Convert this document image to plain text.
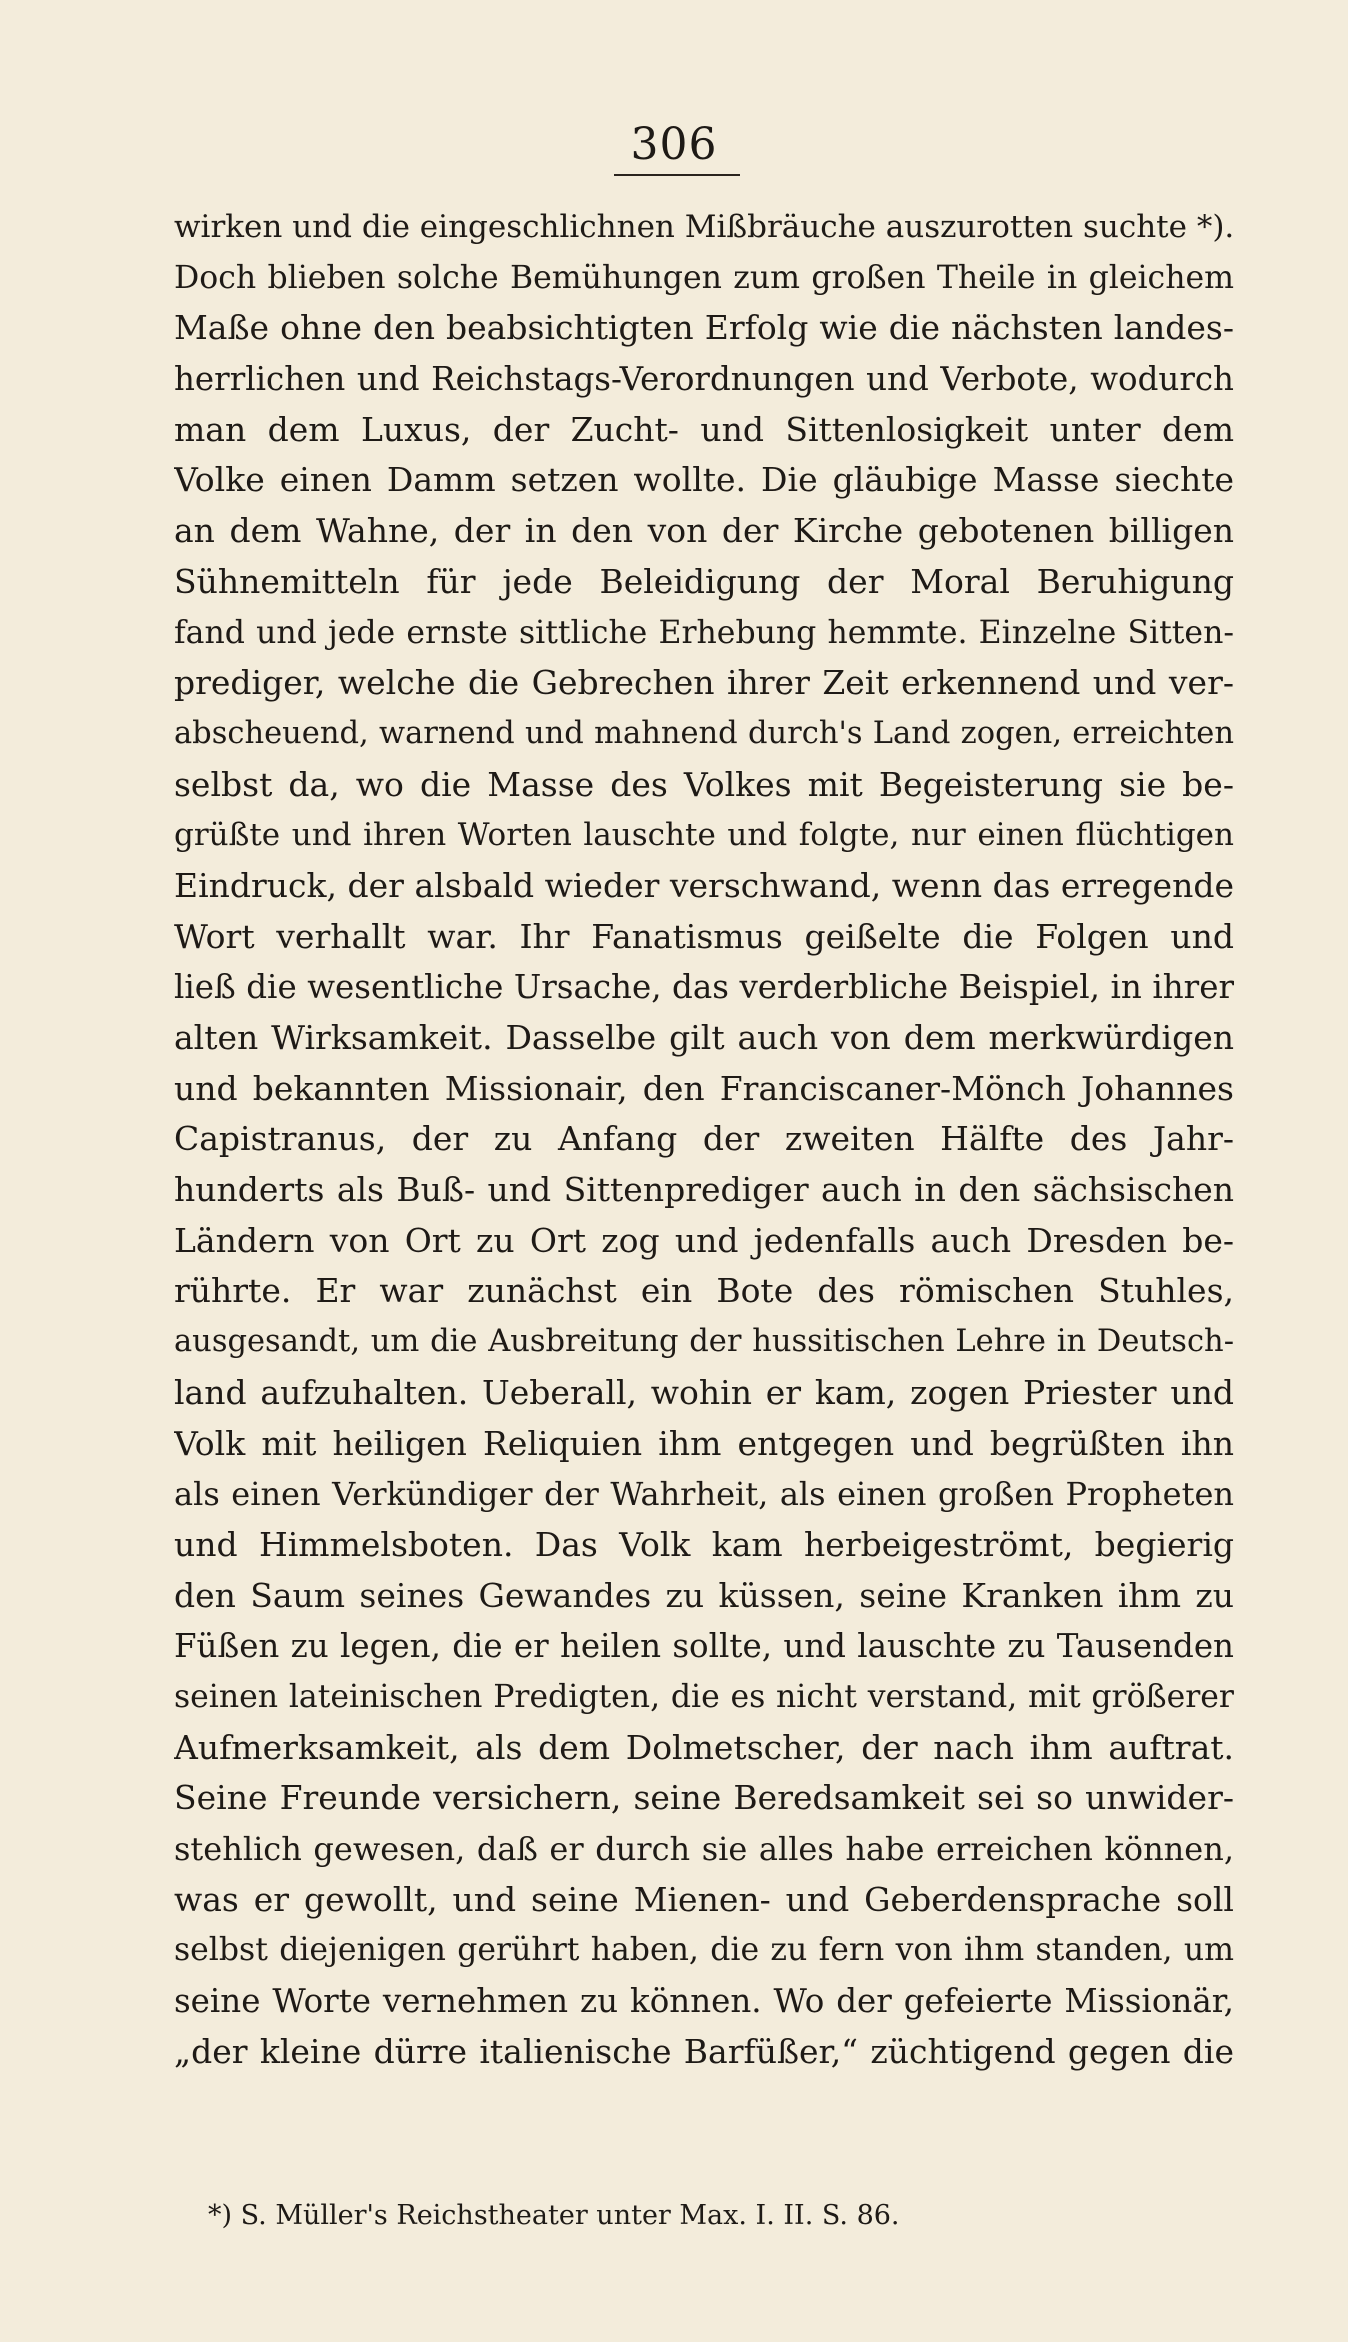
306
wirken und die eingeschlichnen Mißbräuche auszurotten suchte *).
Doch blieben solche Bemühungen zum großen Theile in gleichem
Maße ohne den beabsichtigten Erfolg wie die nächsten landes-
herrlichen und Reichstags-Verordnungen und Verbote, wodurch
man dem Luxus, der Zucht- und Sittenlosigkeit unter dem
Volke einen Damm setzen wollte. Die gläubige Masse siechte
an dem Wahne, der in den von der Kirche gebotenen billigen
Sühnemitteln für jede Beleidigung der Moral Beruhigung
fand und jede ernste sittliche Erhebung hemmte. Einzelne Sitten-
prediger, welche die Gebrechen ihrer Zeit erkennend und ver-
abscheuend, warnend und mahnend durch's Land zogen, erreichten
selbst da, wo die Masse des Volkes mit Begeisterung sie be-
grüßte und ihren Worten lauschte und folgte, nur einen flüchtigen
Eindruck, der alsbald wieder verschwand, wenn das erregende
Wort verhallt war. Ihr Fanatismus geißelte die Folgen und
ließ die wesentliche Ursache, das verderbliche Beispiel, in ihrer
alten Wirksamkeit. Dasselbe gilt auch von dem merkwürdigen
und bekannten Missionair, den Franciscaner-Mönch Johannes
Capistranus, der zu Anfang der zweiten Hälfte des Jahr-
hunderts als Buß- und Sittenprediger auch in den sächsischen
Ländern von Ort zu Ort zog und jedenfalls auch Dresden be-
rührte. Er war zunächst ein Bote des römischen Stuhles,
ausgesandt, um die Ausbreitung der hussitischen Lehre in Deutsch-
land aufzuhalten. Ueberall, wohin er kam, zogen Priester und
Volk mit heiligen Reliquien ihm entgegen und begrüßten ihn
als einen Verkündiger der Wahrheit, als einen großen Propheten
und Himmelsboten. Das Volk kam herbeigeströmt, begierig
den Saum seines Gewandes zu küssen, seine Kranken ihm zu
Füßen zu legen, die er heilen sollte, und lauschte zu Tausenden
seinen lateinischen Predigten, die es nicht verstand, mit größerer
Aufmerksamkeit, als dem Dolmetscher, der nach ihm auftrat.
Seine Freunde versichern, seine Beredsamkeit sei so unwider-
stehlich gewesen, daß er durch sie alles habe erreichen können,
was er gewollt, und seine Mienen- und Geberdensprache soll
selbst diejenigen gerührt haben, die zu fern von ihm standen, um
seine Worte vernehmen zu können. Wo der gefeierte Missionär,
„der kleine dürre italienische Barfüßer,“ züchtigend gegen die
*) S. Müller's Reichstheater unter Max. I. II. S. 86.
